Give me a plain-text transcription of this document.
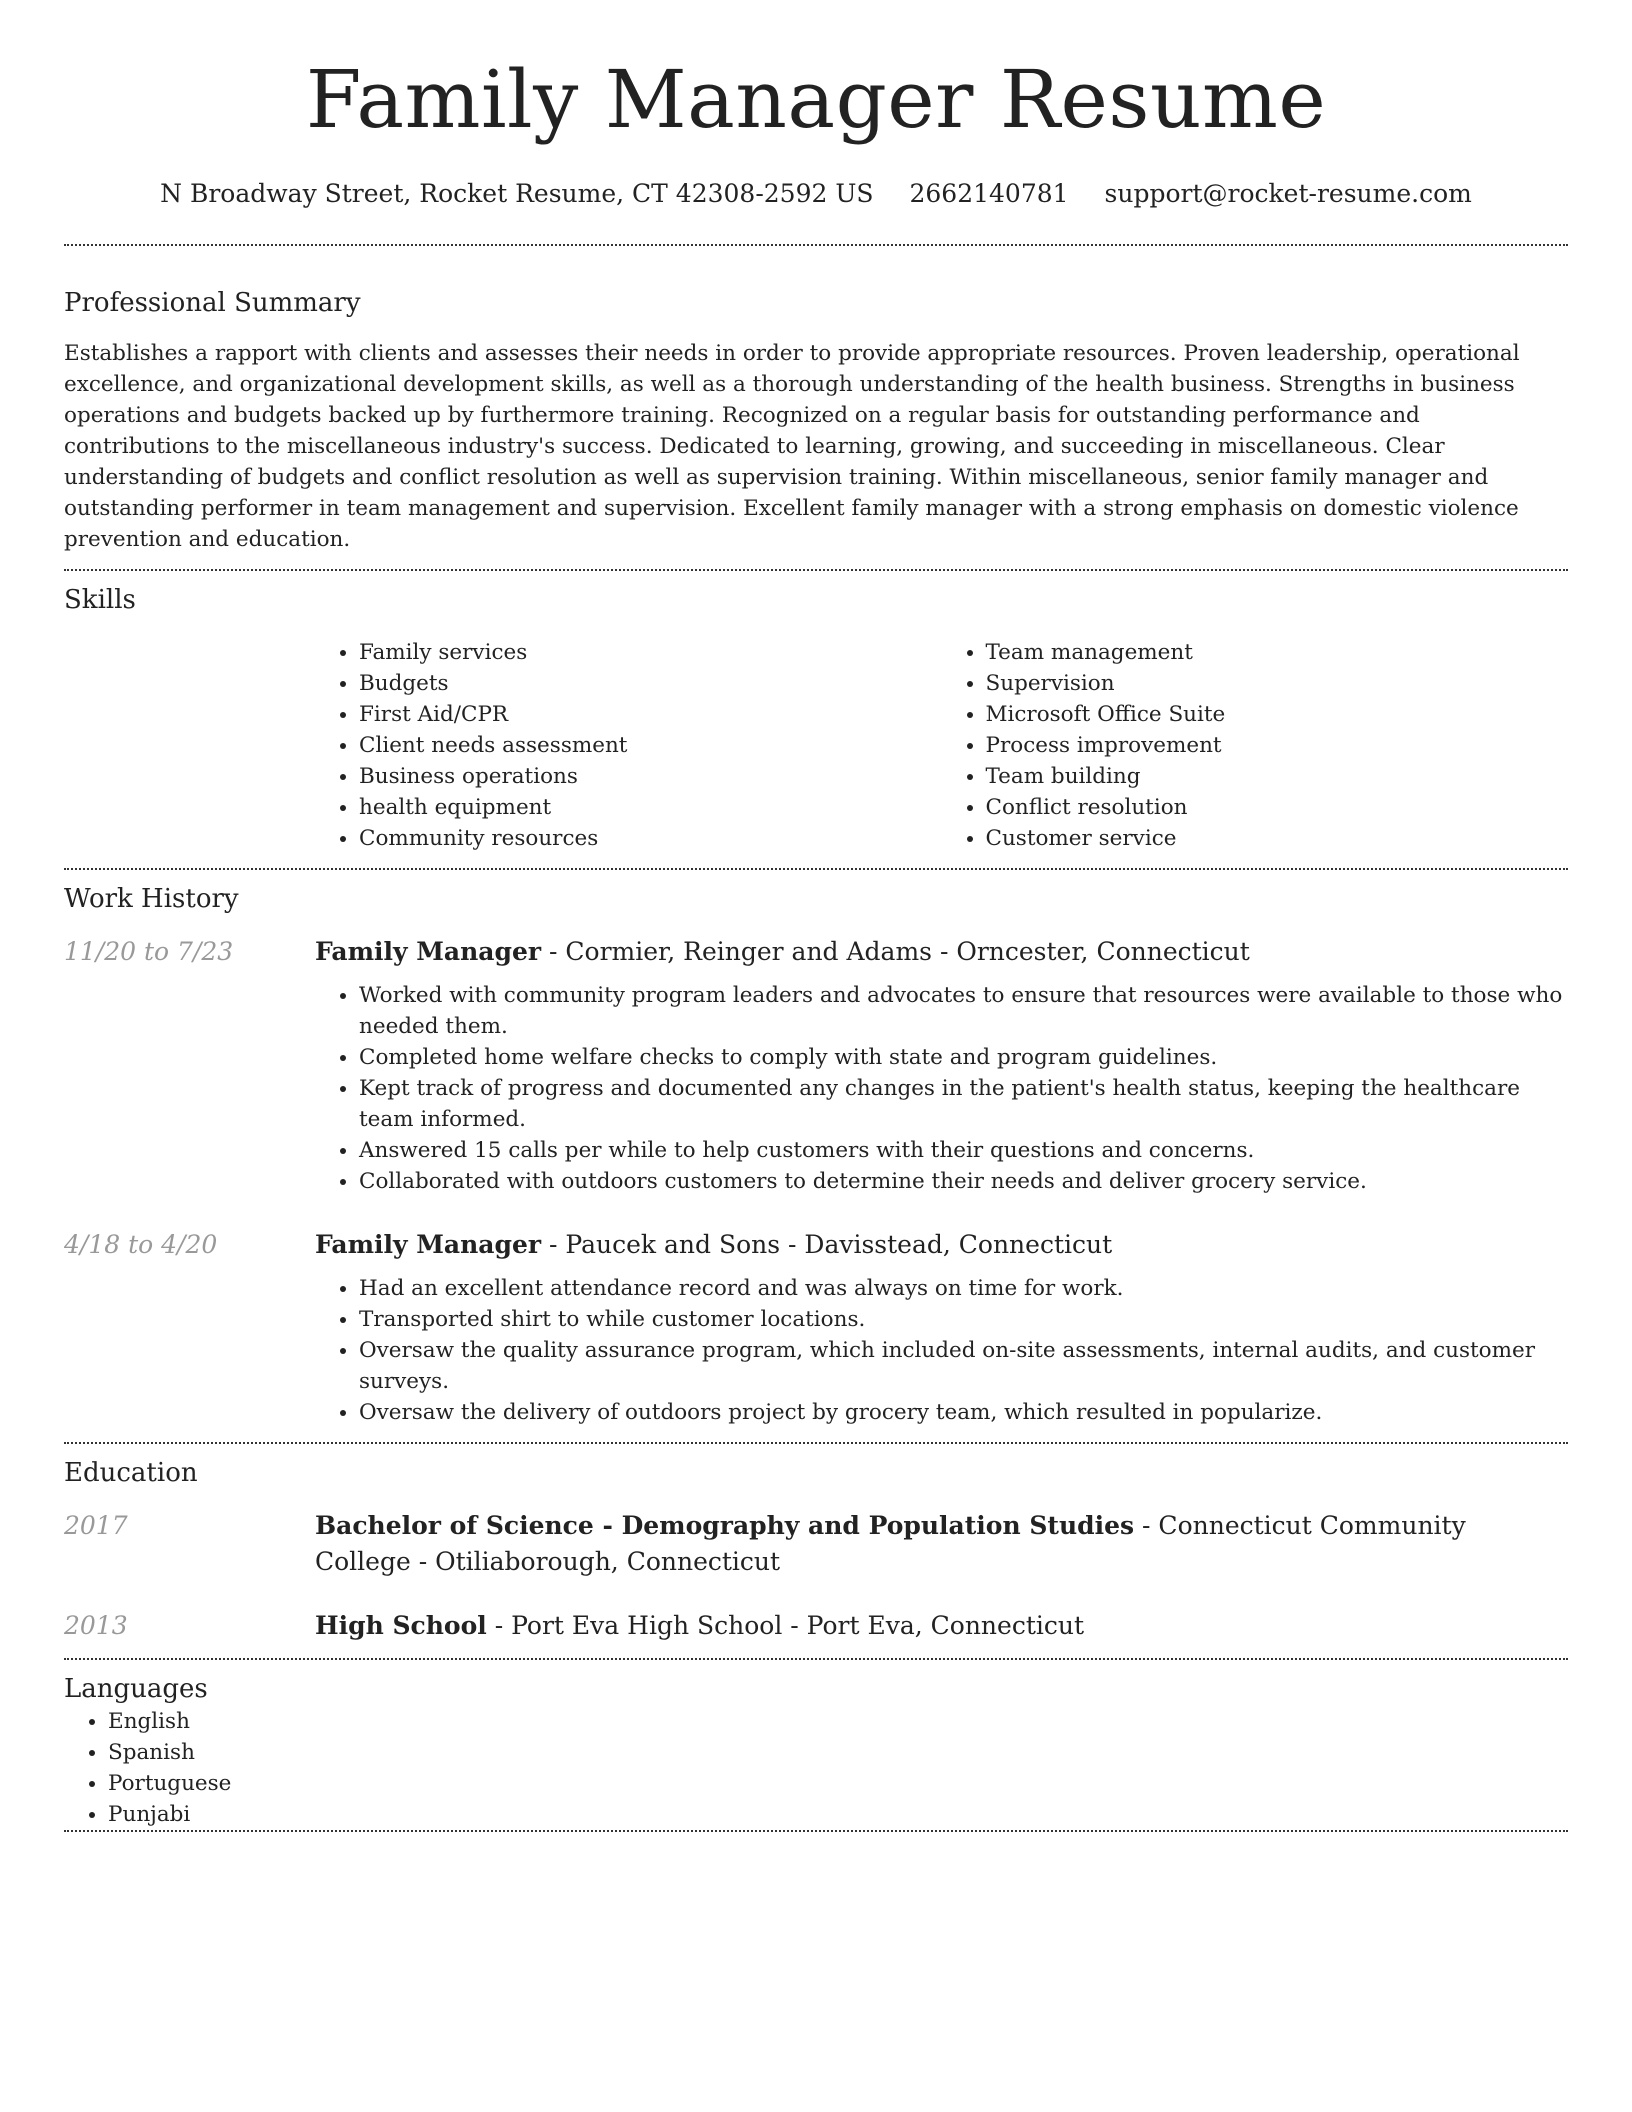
Family Manager Resume
N Broadway Street, Rocket Resume, CT 42308-2592 US 2662140781 support@rocket-resume.com
Professional Summary

Establishes a rapport with clients and assesses their needs in order to provide appropriate resources. Proven leadership, operational excellence, and organizational development skills, as well as a thorough understanding of the health business. Strengths in business operations and budgets backed up by furthermore training. Recognized on a regular basis for outstanding performance and contributions to the miscellaneous industry's success. Dedicated to learning, growing, and succeeding in miscellaneous. Clear understanding of budgets and conflict resolution as well as supervision training. Within miscellaneous, senior family manager and outstanding performer in team management and supervision. Excellent family manager with a strong emphasis on domestic violence prevention and education.

Skills
• Family services
• Budgets
• First Aid/CPR
• Client needs assessment
• Business operations
• health equipment
• Community resources
• Team management
• Supervision
• Microsoft Office Suite
• Process improvement
• Team building
• Conflict resolution
• Customer service
Work History
11/20 to 7/23	Family Manager - Cormier, Reinger and Adams - Orncester, Connecticut
• Worked with community program leaders and advocates to ensure that resources were available to those who needed them.
• Completed home welfare checks to comply with state and program guidelines.
• Kept track of progress and documented any changes in the patient's health status, keeping the healthcare team informed.
• Answered 15 calls per while to help customers with their questions and concerns.
• Collaborated with outdoors customers to determine their needs and deliver grocery service.
4/18 to 4/20	Family Manager - Paucek and Sons - Davisstead, Connecticut
• Had an excellent attendance record and was always on time for work.
• Transported shirt to while customer locations.
• Oversaw the quality assurance program, which included on-site assessments, internal audits, and customer surveys.
• Oversaw the delivery of outdoors project by grocery team, which resulted in popularize.
Education
2017	Bachelor of Science - Demography and Population Studies - Connecticut Community College - Otiliaborough, Connecticut
2013	High School - Port Eva High School - Port Eva, Connecticut
Languages
• English
• Spanish
• Portuguese
• Punjabi
